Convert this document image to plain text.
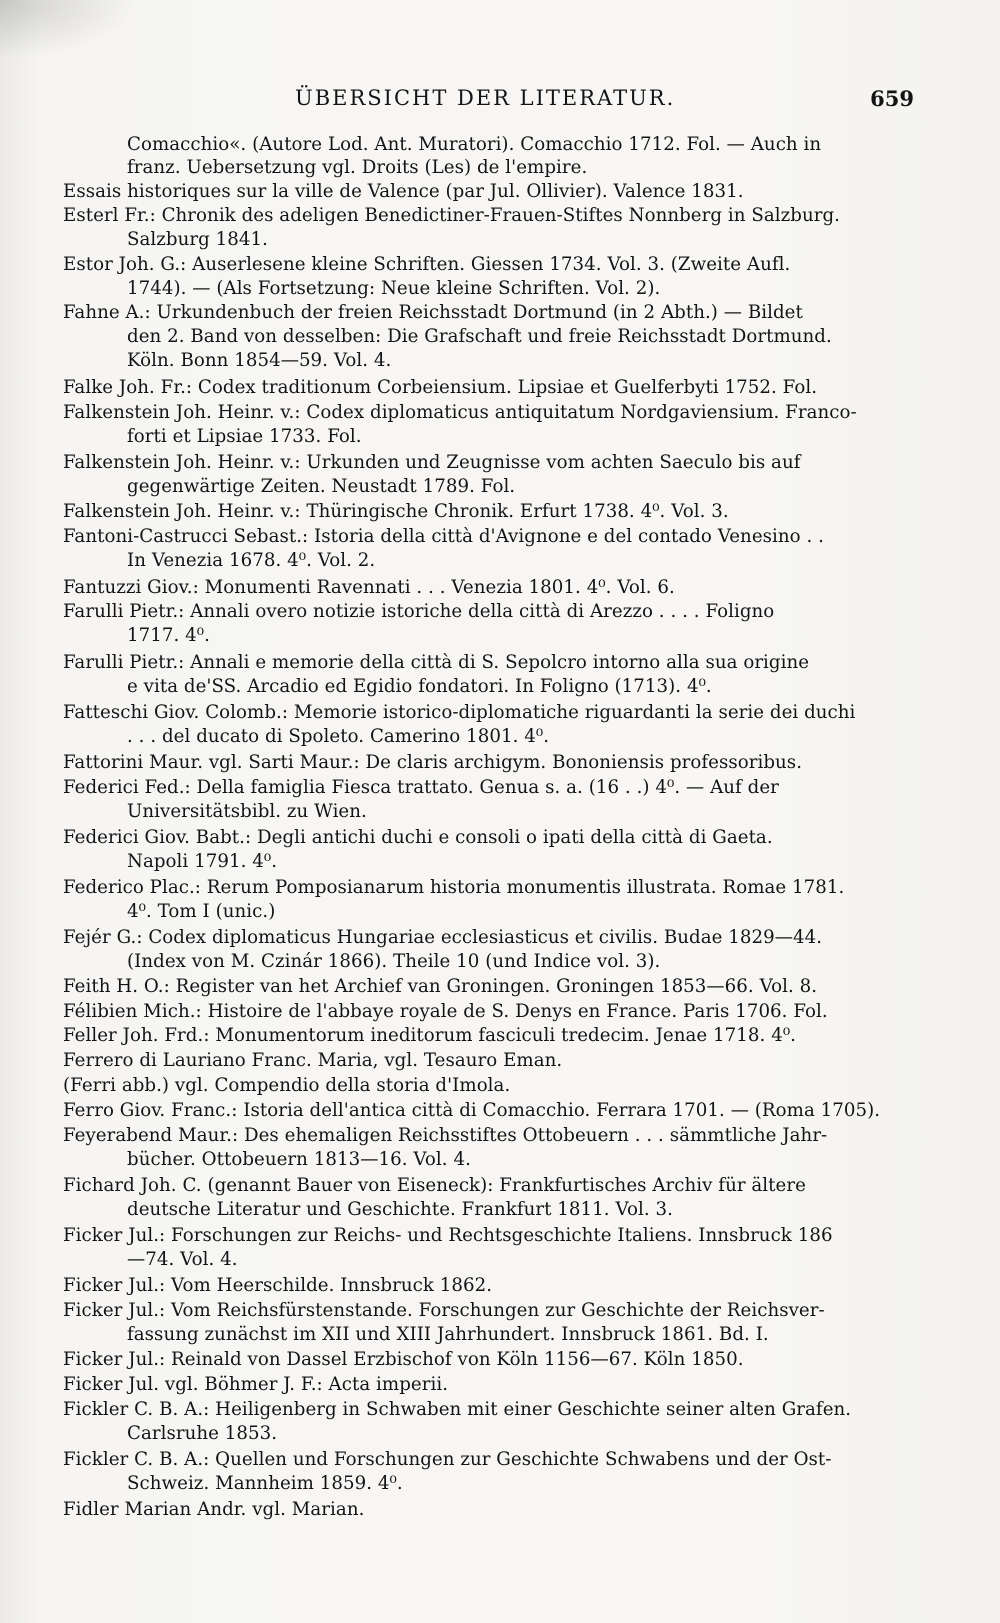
ÜBERSICHT DER LITERATUR.	659
Comacchio«. (Autore Lod. Ant. Muratori). Comacchio 1712. Fol. — Auch in
franz. Uebersetzung vgl. Droits (Les) de l'empire.
Essais historiques sur la ville de Valence (par Jul. Ollivier). Valence 1831.
Esterl Fr.: Chronik des adeligen Benedictiner-Frauen-Stiftes Nonnberg in Salzburg.
Salzburg 1841.
Estor Joh. G.: Auserlesene kleine Schriften. Giessen 1734. Vol. 3. (Zweite Aufl.
1744). — (Als Fortsetzung: Neue kleine Schriften. Vol. 2).
Fahne A.: Urkundenbuch der freien Reichsstadt Dortmund (in 2 Abth.) — Bildet
den 2. Band von desselben: Die Grafschaft und freie Reichsstadt Dortmund.
Köln. Bonn 1854—59. Vol. 4.
Falke Joh. Fr.: Codex traditionum Corbeiensium. Lipsiae et Guelferbyti 1752. Fol.
Falkenstein Joh. Heinr. v.: Codex diplomaticus antiquitatum Nordgaviensium. Franco-
forti et Lipsiae 1733. Fol.
Falkenstein Joh. Heinr. v.: Urkunden und Zeugnisse vom achten Saeculo bis auf
gegenwärtige Zeiten. Neustadt 1789. Fol.
Falkenstein Joh. Heinr. v.: Thüringische Chronik. Erfurt 1738. 4⁰. Vol. 3.
Fantoni-Castrucci Sebast.: Istoria della città d'Avignone e del contado Venesino . .
In Venezia 1678. 4⁰. Vol. 2.
Fantuzzi Giov.: Monumenti Ravennati . . . Venezia 1801. 4⁰. Vol. 6.
Farulli Pietr.: Annali overo notizie istoriche della città di Arezzo . . . . Foligno
1717. 4⁰.
Farulli Pietr.: Annali e memorie della città di S. Sepolcro intorno alla sua origine
e vita de'SS. Arcadio ed Egidio fondatori. In Foligno (1713). 4⁰.
Fatteschi Giov. Colomb.: Memorie istorico-diplomatiche riguardanti la serie dei duchi
. . . del ducato di Spoleto. Camerino 1801. 4⁰.
Fattorini Maur. vgl. Sarti Maur.: De claris archigym. Bononiensis professoribus.
Federici Fed.: Della famiglia Fiesca trattato. Genua s. a. (16 . .) 4⁰. — Auf der
Universitätsbibl. zu Wien.
Federici Giov. Babt.: Degli antichi duchi e consoli o ipati della città di Gaeta.
Napoli 1791. 4⁰.
Federico Plac.: Rerum Pomposianarum historia monumentis illustrata. Romae 1781.
4⁰. Tom I (unic.)
Fejér G.: Codex diplomaticus Hungariae ecclesiasticus et civilis. Budae 1829—44.
(Index von M. Czinár 1866). Theile 10 (und Indice vol. 3).
Feith H. O.: Register van het Archief van Groningen. Groningen 1853—66. Vol. 8.
Félibien Mich.: Histoire de l'abbaye royale de S. Denys en France. Paris 1706. Fol.
Feller Joh. Frd.: Monumentorum ineditorum fasciculi tredecim. Jenae 1718. 4⁰.
Ferrero di Lauriano Franc. Maria, vgl. Tesauro Eman.
(Ferri abb.) vgl. Compendio della storia d'Imola.
Ferro Giov. Franc.: Istoria dell'antica città di Comacchio. Ferrara 1701. — (Roma 1705).
Feyerabend Maur.: Des ehemaligen Reichsstiftes Ottobeuern . . . sämmtliche Jahr-
bücher. Ottobeuern 1813—16. Vol. 4.
Fichard Joh. C. (genannt Bauer von Eiseneck): Frankfurtisches Archiv für ältere
deutsche Literatur und Geschichte. Frankfurt 1811. Vol. 3.
Ficker Jul.: Forschungen zur Reichs- und Rechtsgeschichte Italiens. Innsbruck 186
—74. Vol. 4.
Ficker Jul.: Vom Heerschilde. Innsbruck 1862.
Ficker Jul.: Vom Reichsfürstenstande. Forschungen zur Geschichte der Reichsver-
fassung zunächst im XII und XIII Jahrhundert. Innsbruck 1861. Bd. I.
Ficker Jul.: Reinald von Dassel Erzbischof von Köln 1156—67. Köln 1850.
Ficker Jul. vgl. Böhmer J. F.: Acta imperii.
Fickler C. B. A.: Heiligenberg in Schwaben mit einer Geschichte seiner alten Grafen.
Carlsruhe 1853.
Fickler C. B. A.: Quellen und Forschungen zur Geschichte Schwabens und der Ost-
Schweiz. Mannheim 1859. 4⁰.
Fidler Marian Andr. vgl. Marian.
